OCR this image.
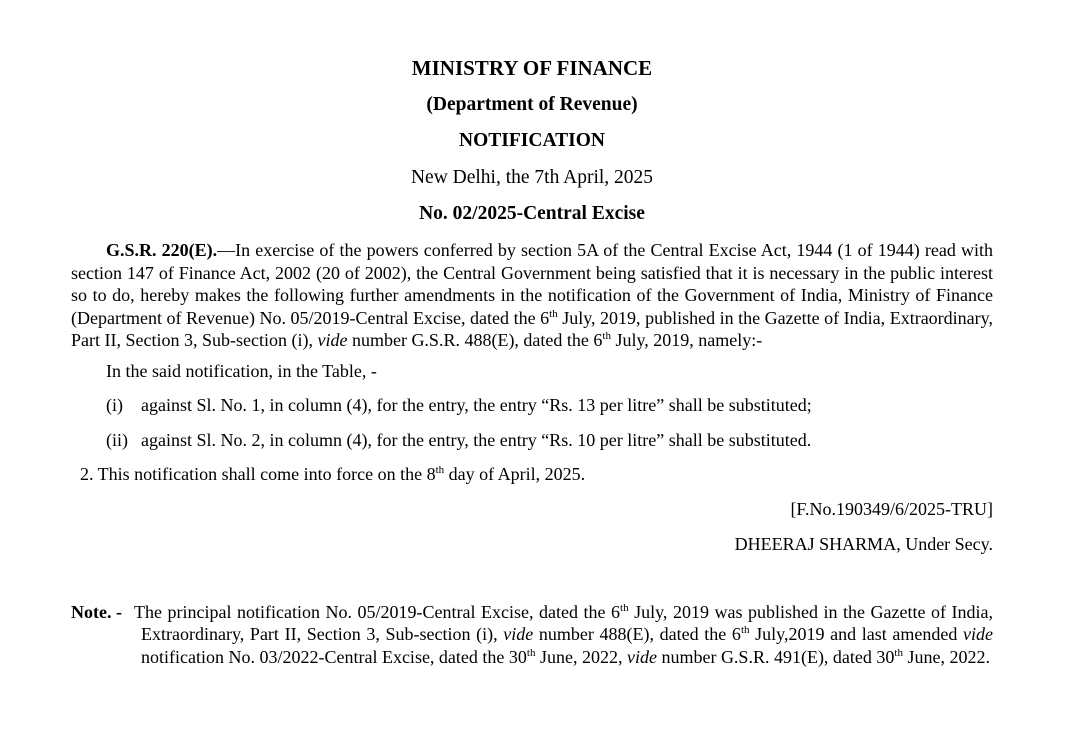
MINISTRY OF FINANCE
(Department of Revenue)
NOTIFICATION
New Delhi, the 7th April, 2025
No. 02/2025-Central Excise

G.S.R. 220(E).—In exercise of the powers conferred by section 5A of the Central Excise Act, 1944 (1 of 1944) read with section 147 of Finance Act, 2002 (20 of 2002), the Central Government being satisfied that it is necessary in the public interest so to do, hereby makes the following further amendments in the notification of the Government of India, Ministry of Finance (Department of Revenue) No. 05/2019-Central Excise, dated the 6th July, 2019, published in the Gazette of India, Extraordinary, Part II, Section 3, Sub-section (i), vide number G.S.R. 488(E), dated the 6th July, 2019, namely:-

In the said notification, in the Table, -
(i)	against Sl. No. 1, in column (4), for the entry, the entry “Rs. 13 per litre” shall be substituted;
(ii) against Sl. No. 2, in column (4), for the entry, the entry “Rs. 10 per litre” shall be substituted.
2. This notification shall come into force on the 8th day of April, 2025.
[F.No.190349/6/2025-TRU]
DHEERAJ SHARMA, Under Secy.
Note. - The principal notification No. 05/2019-Central Excise, dated the 6th July, 2019 was published in the Gazette of India, Extraordinary, Part II, Section 3, Sub-section (i), vide number 488(E), dated the 6th July,2019 and last amended vide notification No. 03/2022-Central Excise, dated the 30th June, 2022, vide number G.S.R. 491(E), dated 30th June, 2022.
